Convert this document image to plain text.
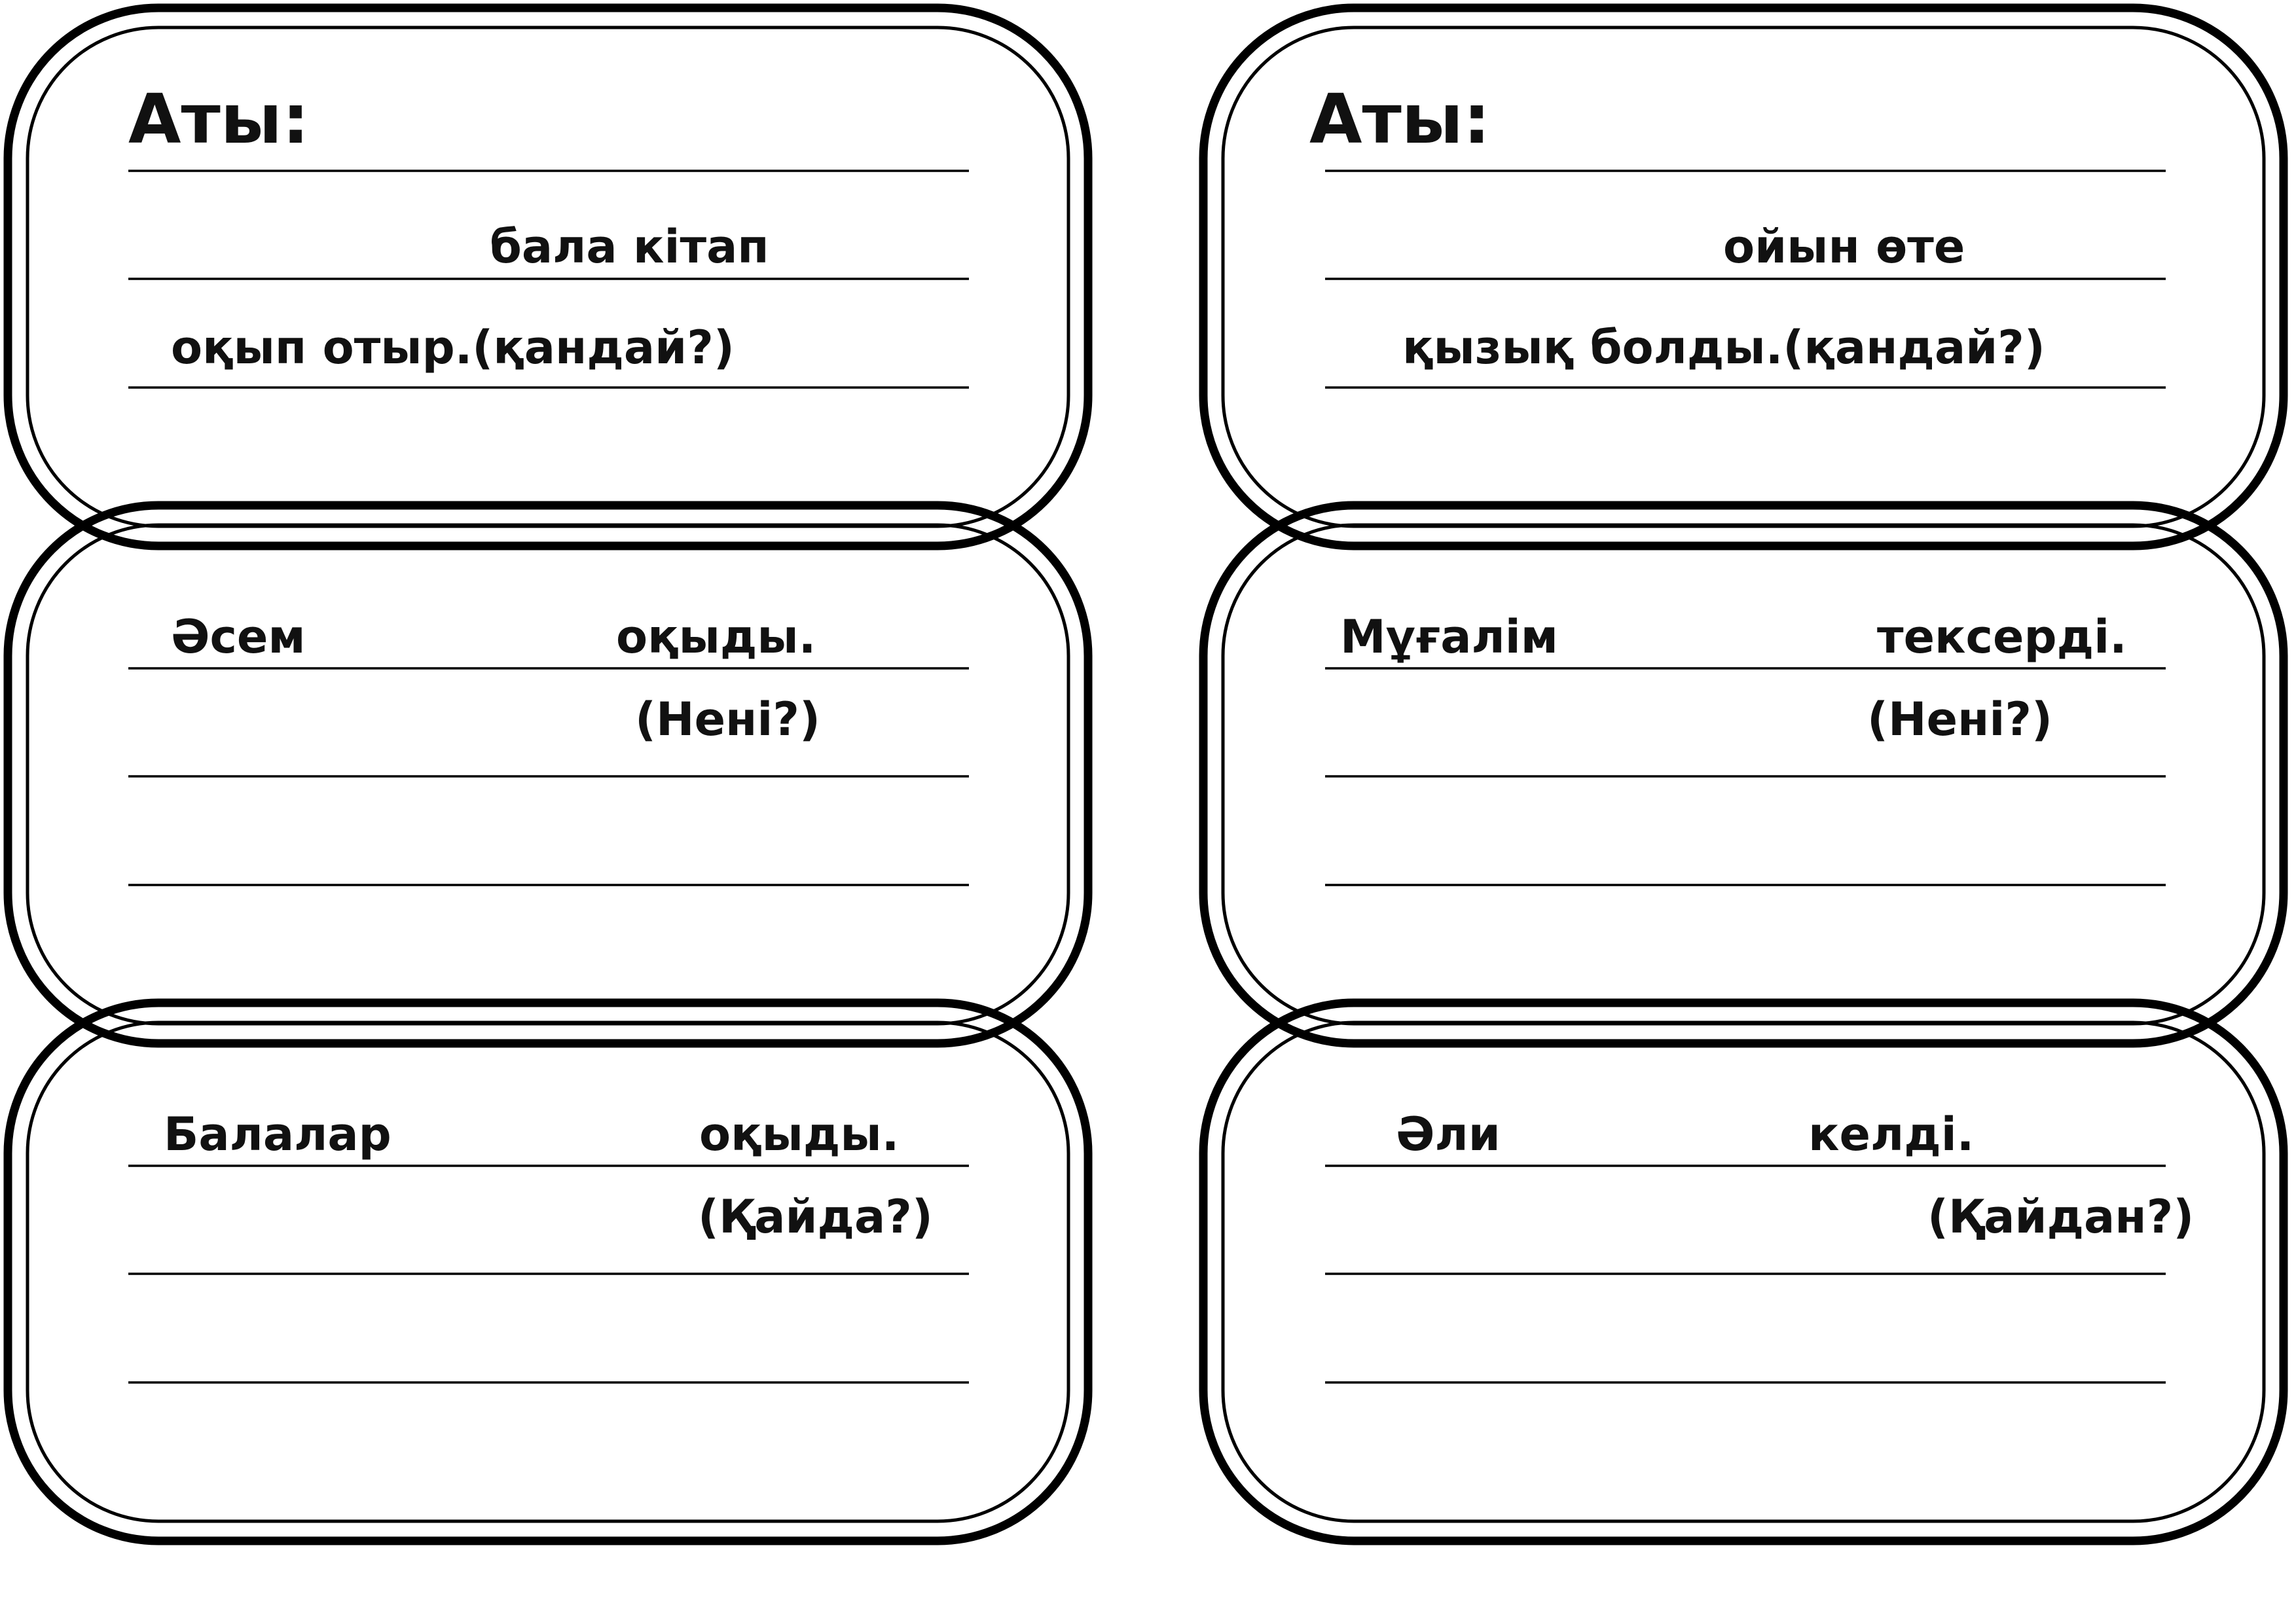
Аты:
бала кітап
оқып отыр.(қандай?)
Аты:
ойын өте
қызық болды.(қандай?)
Әсем	оқыды.
(Нені?)
Мұғалім	тексерді.
(Нені?)
Балалар	оқыды.
(Қайда?)
Әли	келді.
(Қайдан?)
